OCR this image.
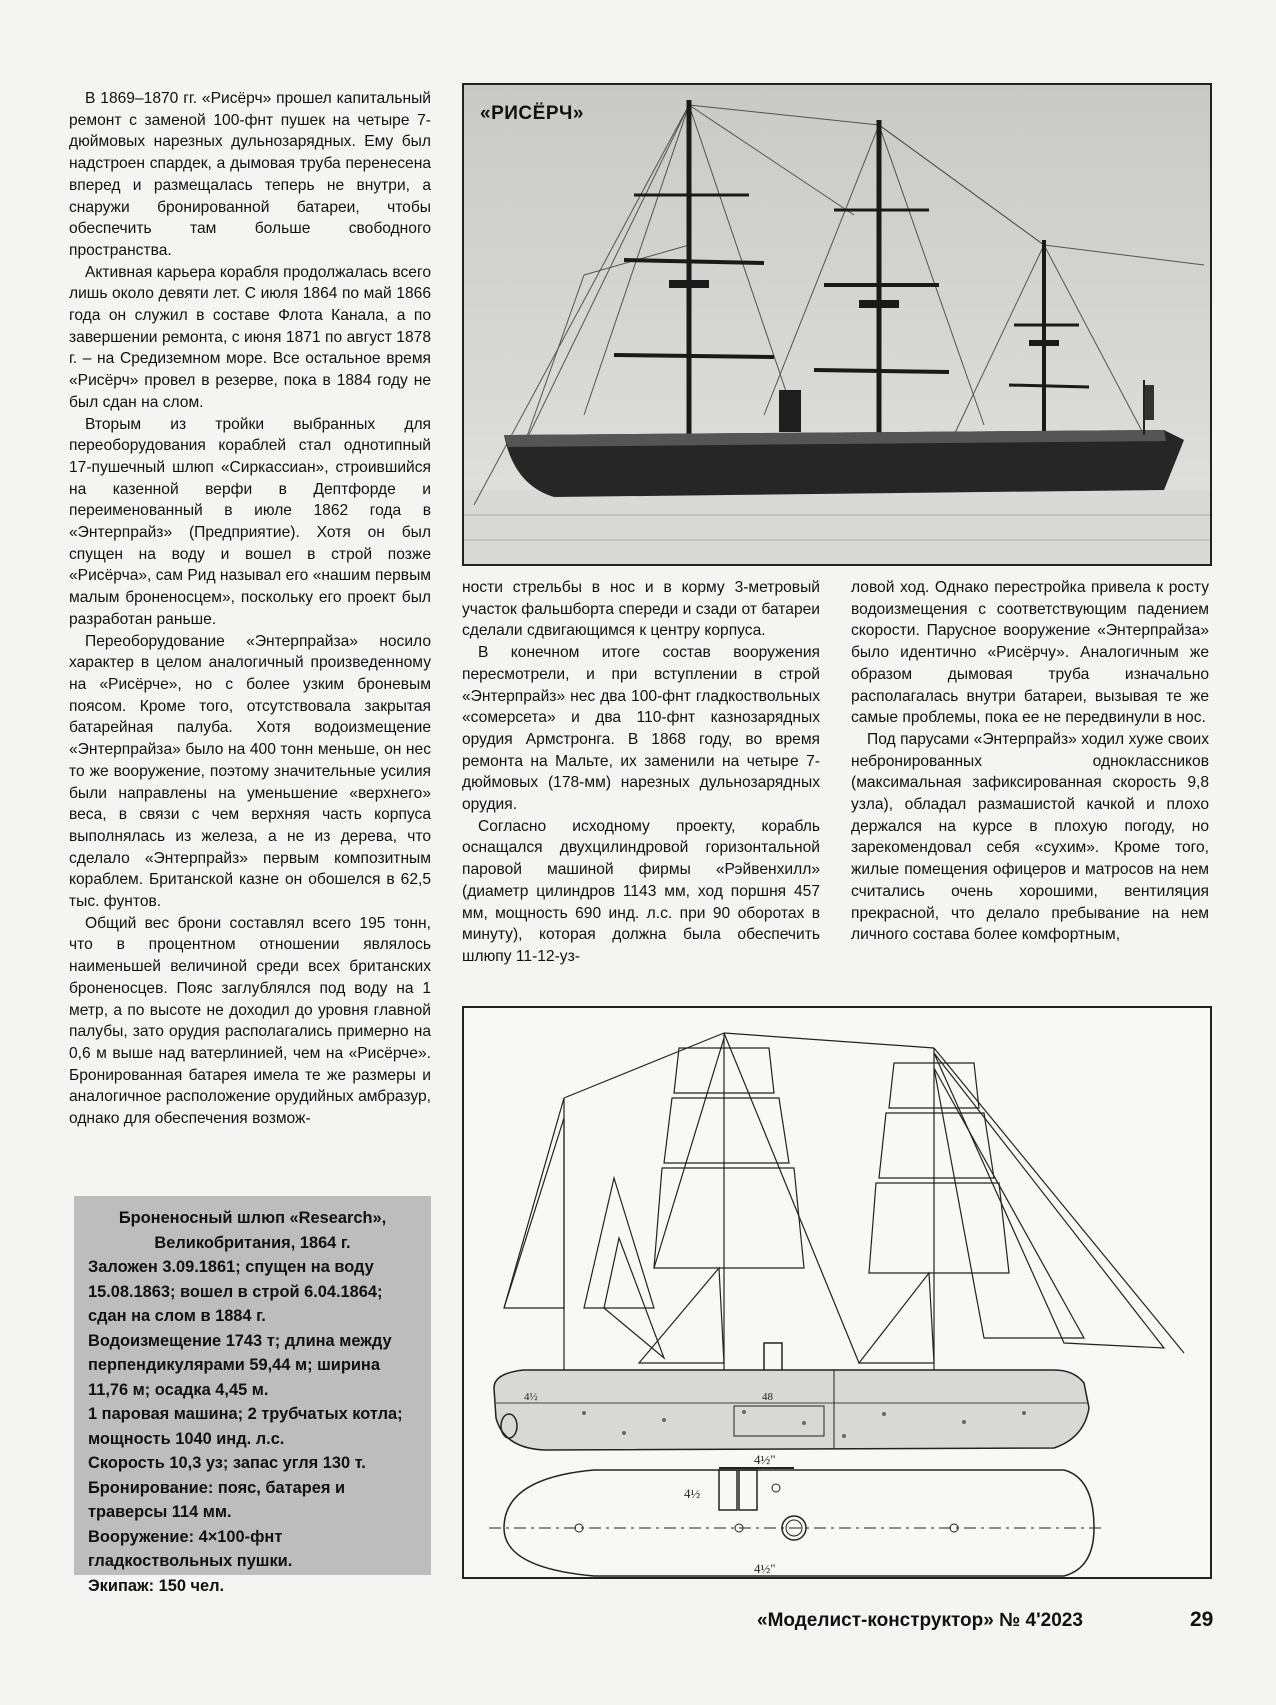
В 1869–1870 гг. «Рисёрч» прошел капитальный ремонт с заменой 100-фнт пушек на четыре 7-дюймовых нарезных дульнозарядных. Ему был надстроен спардек, а дымовая труба перенесена вперед и размещалась теперь не внутри, а снаружи бронированной батареи, чтобы обеспечить там больше свободного пространства.

Активная карьера корабля продолжалась всего лишь около девяти лет. С июля 1864 по май 1866 года он служил в составе Флота Канала, а по завершении ремонта, с июня 1871 по август 1878 г. – на Средиземном море. Все остальное время «Рисёрч» провел в резерве, пока в 1884 году не был сдан на слом.

Вторым из тройки выбранных для переоборудования кораблей стал однотипный 17-пушечный шлюп «Сиркассиан», строившийся на казенной верфи в Дептфорде и переименованный в июле 1862 года в «Энтерпрайз» (Предприятие). Хотя он был спущен на воду и вошел в строй позже «Рисёрча», сам Рид называл его «нашим первым малым броненосцем», поскольку его проект был разработан раньше.

Переоборудование «Энтерпрайза» носило характер в целом аналогичный произведенному на «Рисёрче», но с более узким броневым поясом. Кроме того, отсутствовала закрытая батарейная палуба. Хотя водоизмещение «Энтерпрайза» было на 400 тонн меньше, он нес то же вооружение, поэтому значительные усилия были направлены на уменьшение «верхнего» веса, в связи с чем верхняя часть корпуса выполнялась из железа, а не из дерева, что сделало «Энтерпрайз» первым композитным кораблем. Британской казне он обошелся в 62,5 тыс. фунтов.

Общий вес брони составлял всего 195 тонн, что в процентном отношении являлось наименьшей величиной среди всех британских броненосцев. Пояс заглублялся под воду на 1 метр, а по высоте не доходил до уровня главной палубы, зато орудия располагались примерно на 0,6 м выше над ватерлинией, чем на «Рисёрче». Бронированная батарея имела те же размеры и аналогичное расположение орудийных амбразур, однако для обеспечения возмож-

«РИСЁРЧ»

ности стрельбы в нос и в корму 3-метровый участок фальшборта спереди и сзади от батареи сделали сдвигающимся к центру корпуса.

В конечном итоге состав вооружения пересмотрели, и при вступлении в строй «Энтерпрайз» нес два 100-фнт гладкоствольных «сомерсета» и два 110-фнт казнозарядных орудия Армстронга. В 1868 году, во время ремонта на Мальте, их заменили на четыре 7-дюймовых (178-мм) нарезных дульнозарядных орудия.

Согласно исходному проекту, корабль оснащался двухцилиндровой горизонтальной паровой машиной фирмы «Рэйвенхилл» (диаметр цилиндров 1143 мм, ход поршня 457 мм, мощность 690 инд. л.с. при 90 оборотах в минуту), которая должна была обеспечить шлюпу 11-12-уз-

ловой ход. Однако перестройка привела к росту водоизмещения с соответствующим падением скорости. Парусное вооружение «Энтерпрайза» было идентично «Рисёрчу». Аналогичным же образом дымовая труба изначально располагалась внутри батареи, вызывая те же самые проблемы, пока ее не передвинули в нос.

Под парусами «Энтерпрайз» ходил хуже своих небронированных одноклассников (максимальная зафиксированная скорость 9,8 узла), обладал размашистой качкой и плохо держался на курсе в плохую погоду, но зарекомендовал себя «сухим». Кроме того, жилые помещения офицеров и матросов на нем считались очень хорошими, вентиляция прекрасной, что делало пребывание на нем личного состава более комфортным,

4½"
4½
4½"
4½	48
Броненосный шлюп «Research»,
Великобритания, 1864 г.
Заложен 3.09.1861; спущен на воду 15.08.1863; вошел в строй 6.04.1864; сдан на слом в 1884 г.
Водоизмещение 1743 т; длина между перпендикулярами 59,44 м; ширина 11,76 м; осадка 4,45 м.
1 паровая машина; 2 трубчатых котла; мощность 1040 инд. л.с.
Скорость 10,3 уз; запас угля 130 т.
Бронирование: пояс, батарея и траверсы 114 мм.
Вооружение: 4×100-фнт гладкоствольных пушки.
Экипаж: 150 чел.
«Моделист-конструктор» № 4'2023	29
